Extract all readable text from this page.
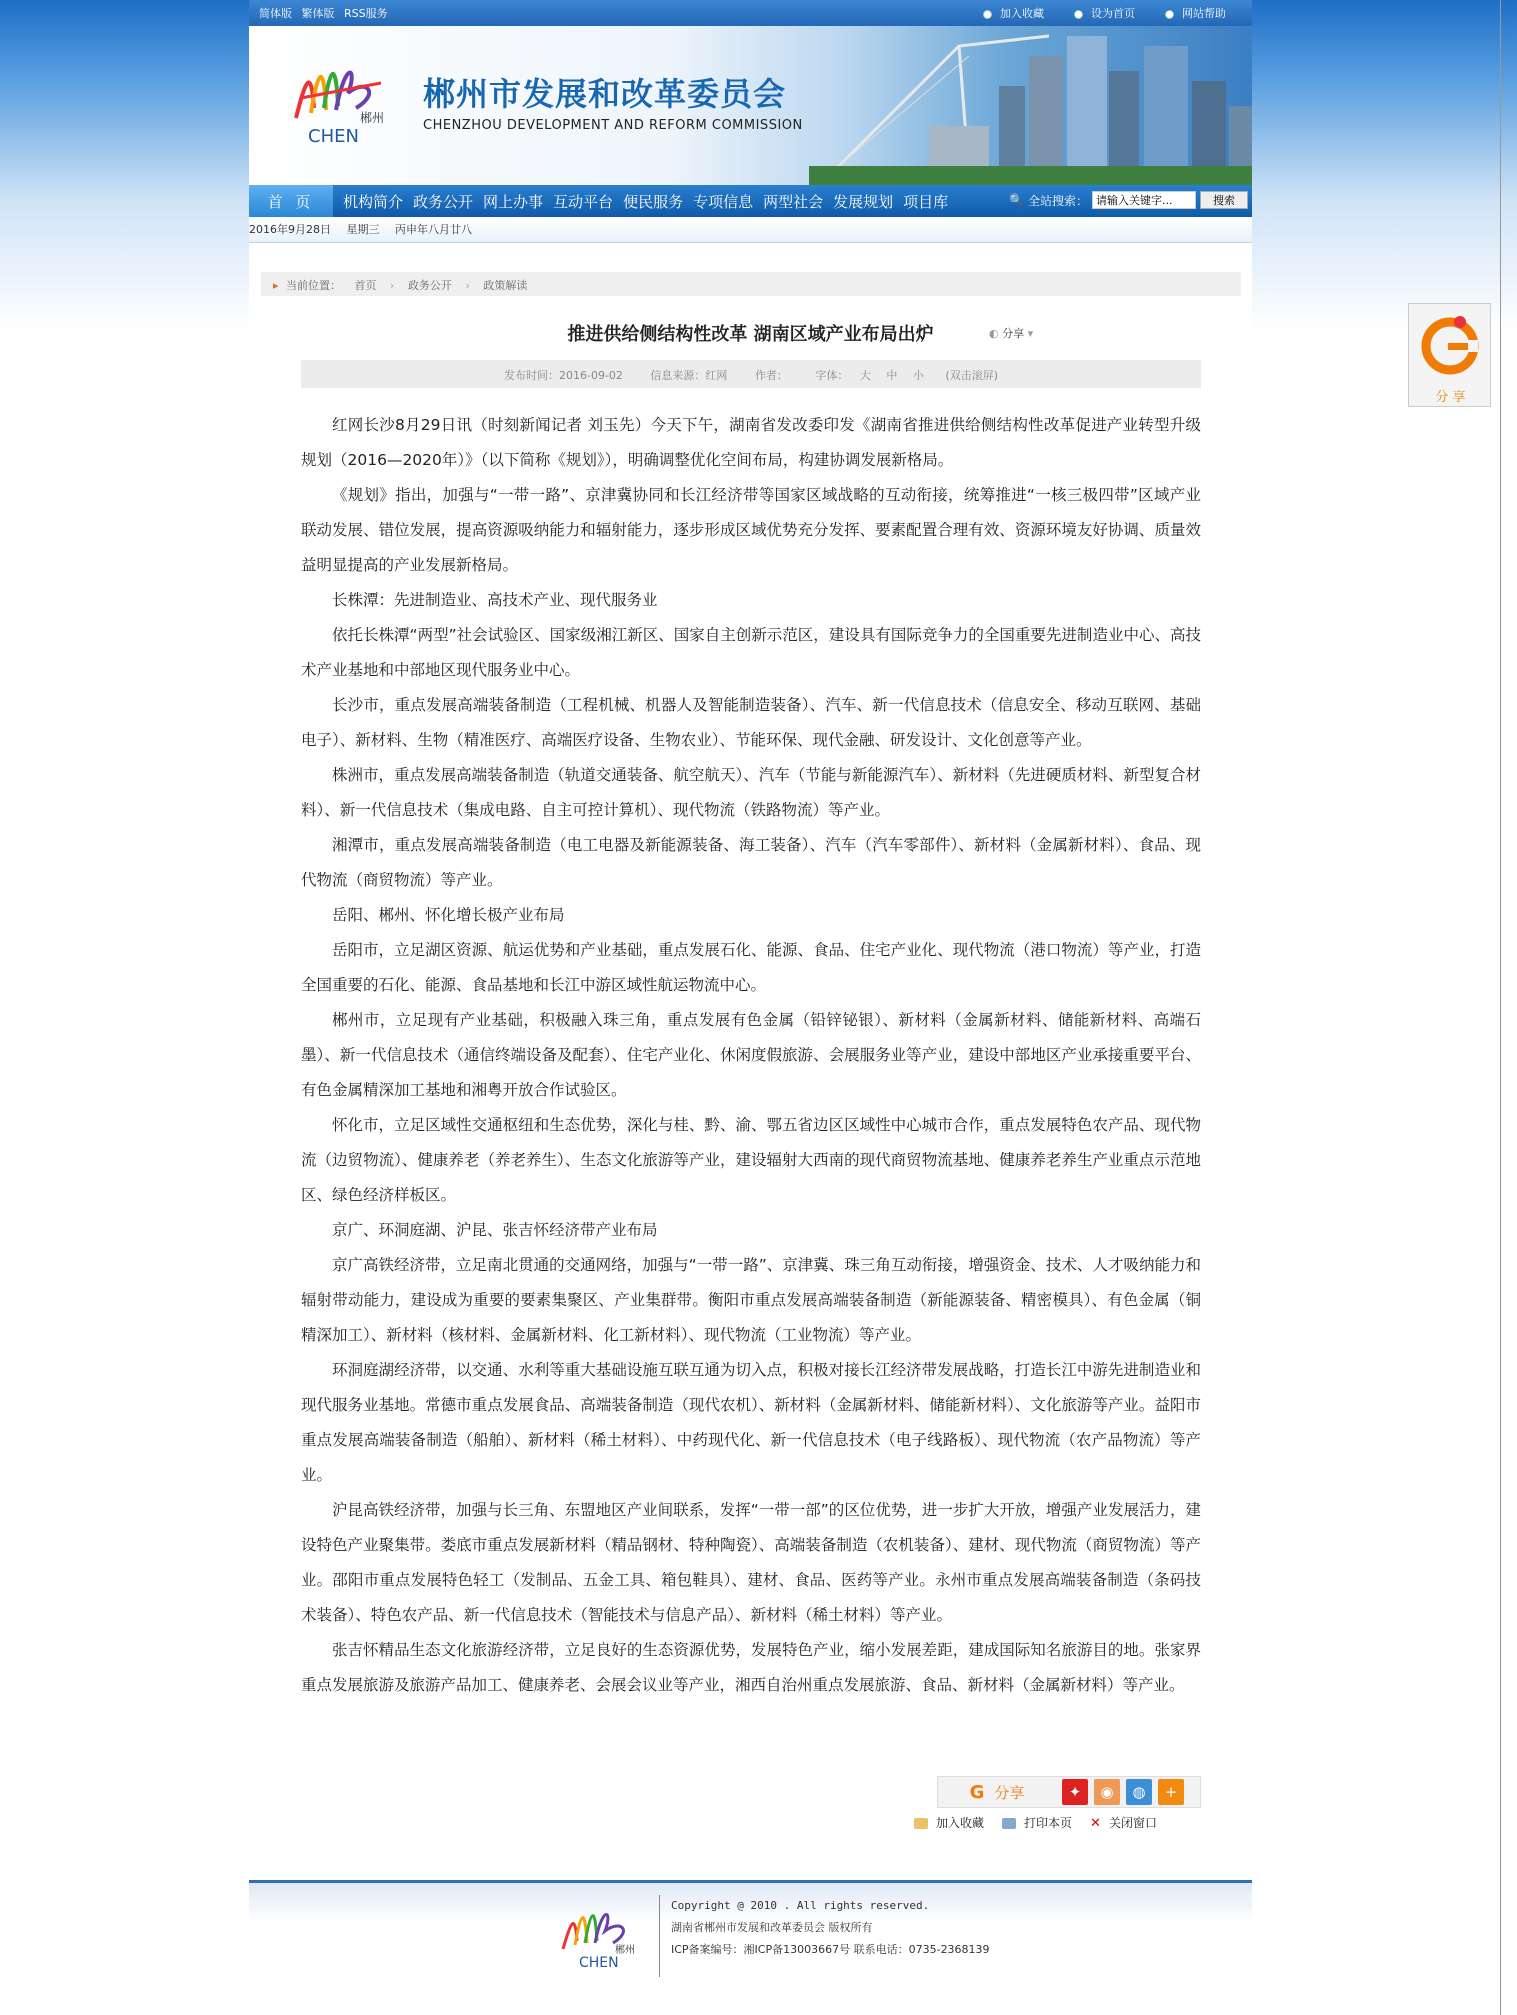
简体版 繁体版 RSS服务	加入收藏	设为首页	网站帮助
郴州
CHEN
郴州市发展和改革委员会
CHENZHOU DEVELOPMENT AND REFORM COMMISSION
首 页	机构简介 政务公开 网上办事 互动平台 便民服务 专项信息 两型社会 发展规划 项目库	🔍 全站搜索：
请输入关键字...	搜索
2016年9月28日 星期三 丙申年八月廿八
▸ 当前位置： 首页 › 政务公开 › 政策解读
推进供给侧结构性改革 湖南区域产业布局出炉	◐ 分享 ▾
发布时间：2016-09-02	信息来源：红网	作者：	字体： 大 中 小 (双击滚屏)

红网长沙8月29日讯（时刻新闻记者 刘玉先）今天下午，湖南省发改委印发《湖南省推进供给侧结构性改革促进产业转型升级规划（2016—2020年）》（以下简称《规划》），明确调整优化空间布局，构建协调发展新格局。

《规划》指出，加强与“一带一路”、京津冀协同和长江经济带等国家区域战略的互动衔接，统筹推进“一核三极四带”区域产业联动发展、错位发展，提高资源吸纳能力和辐射能力，逐步形成区域优势充分发挥、要素配置合理有效、资源环境友好协调、质量效益明显提高的产业发展新格局。

长株潭：先进制造业、高技术产业、现代服务业

依托长株潭“两型”社会试验区、国家级湘江新区、国家自主创新示范区，建设具有国际竞争力的全国重要先进制造业中心、高技术产业基地和中部地区现代服务业中心。

长沙市，重点发展高端装备制造（工程机械、机器人及智能制造装备）、汽车、新一代信息技术（信息安全、移动互联网、基础电子）、新材料、生物（精准医疗、高端医疗设备、生物农业）、节能环保、现代金融、研发设计、文化创意等产业。

株洲市，重点发展高端装备制造（轨道交通装备、航空航天）、汽车（节能与新能源汽车）、新材料（先进硬质材料、新型复合材料）、新一代信息技术（集成电路、自主可控计算机）、现代物流（铁路物流）等产业。

湘潭市，重点发展高端装备制造（电工电器及新能源装备、海工装备）、汽车（汽车零部件）、新材料（金属新材料）、食品、现代物流（商贸物流）等产业。

岳阳、郴州、怀化增长极产业布局

岳阳市，立足湖区资源、航运优势和产业基础，重点发展石化、能源、食品、住宅产业化、现代物流（港口物流）等产业，打造全国重要的石化、能源、食品基地和长江中游区域性航运物流中心。

郴州市，立足现有产业基础，积极融入珠三角，重点发展有色金属（铅锌铋银）、新材料（金属新材料、储能新材料、高端石墨）、新一代信息技术（通信终端设备及配套）、住宅产业化、休闲度假旅游、会展服务业等产业，建设中部地区产业承接重要平台、有色金属精深加工基地和湘粤开放合作试验区。

怀化市，立足区域性交通枢纽和生态优势，深化与桂、黔、渝、鄂五省边区区域性中心城市合作，重点发展特色农产品、现代物流（边贸物流）、健康养老（养老养生）、生态文化旅游等产业，建设辐射大西南的现代商贸物流基地、健康养老养生产业重点示范地区、绿色经济样板区。

京广、环洞庭湖、沪昆、张吉怀经济带产业布局

京广高铁经济带，立足南北贯通的交通网络，加强与“一带一路”、京津冀、珠三角互动衔接，增强资金、技术、人才吸纳能力和辐射带动能力，建设成为重要的要素集聚区、产业集群带。衡阳市重点发展高端装备制造（新能源装备、精密模具）、有色金属（铜精深加工）、新材料（核材料、金属新材料、化工新材料）、现代物流（工业物流）等产业。

环洞庭湖经济带，以交通、水利等重大基础设施互联互通为切入点，积极对接长江经济带发展战略，打造长江中游先进制造业和现代服务业基地。常德市重点发展食品、高端装备制造（现代农机）、新材料（金属新材料、储能新材料）、文化旅游等产业。益阳市重点发展高端装备制造（船舶）、新材料（稀土材料）、中药现代化、新一代信息技术（电子线路板）、现代物流（农产品物流）等产业。

沪昆高铁经济带，加强与长三角、东盟地区产业间联系，发挥“一带一部”的区位优势，进一步扩大开放，增强产业发展活力，建设特色产业聚集带。娄底市重点发展新材料（精品钢材、特种陶瓷）、高端装备制造（农机装备）、建材、现代物流（商贸物流）等产业。邵阳市重点发展特色轻工（发制品、五金工具、箱包鞋具）、建材、食品、医药等产业。永州市重点发展高端装备制造（条码技术装备）、特色农产品、新一代信息技术（智能技术与信息产品）、新材料（稀土材料）等产业。

张吉怀精品生态文化旅游经济带，立足良好的生态资源优势，发展特色产业，缩小发展差距，建成国际知名旅游目的地。张家界重点发展旅游及旅游产品加工、健康养老、会展会议业等产业，湘西自治州重点发展旅游、食品、新材料（金属新材料）等产业。

G 分享	✦	◉	◍	+
加入收藏	打印本页
✕	关闭窗口
郴州
CHEN
Copyright @ 2010 . All rights reserved.
湖南省郴州市发展和改革委员会 版权所有
ICP备案编号：湘ICP备13003667号 联系电话：0735-2368139
分 享
